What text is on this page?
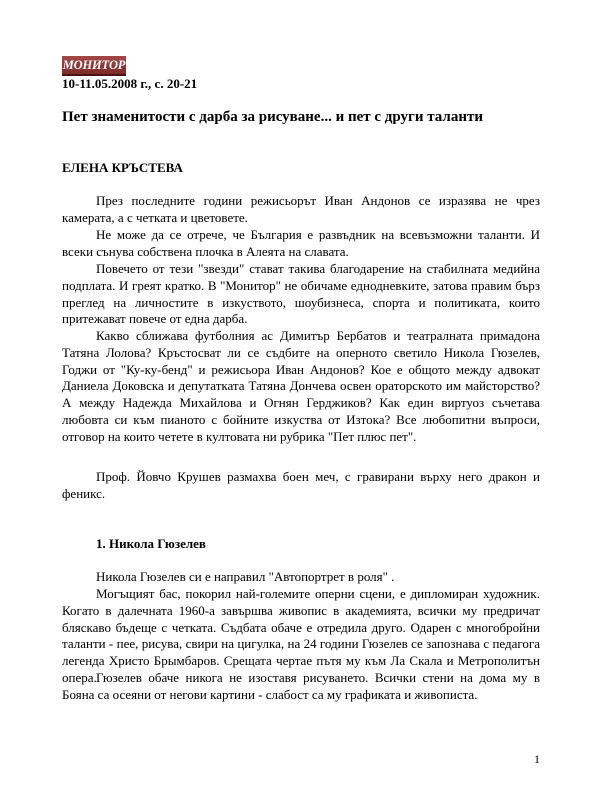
МОНИТОР
10-11.05.2008 г., с. 20-21
Пет знаменитости с дарба за рисуване... и пет с други таланти
ЕЛЕНА КРЪСТЕВА

През последните години режисьорът Иван Андонов се изразява не чрез камерата, а с четката и цветовете.

Не може да се отрече, че България е развъдник на всевъзможни таланти. И всеки сънува собствена плочка в Алеята на славата.

Повечето от тези "звезди" стават такива благодарение на стабилната медийна подплата. И греят кратко. В "Монитор" не обичаме еднодневките, затова правим бърз преглед на личностите в изкуството, шоубизнеса, спорта и политиката, които притежават повече от една дарба.

Какво сближава футболния ас Димитър Бербатов и театралната примадона Татяна Лолова? Кръстосват ли се съдбите на оперното светило Никола Гюзелев, Годжи от "Ку-ку-бенд" и режисьора Иван Андонов? Кое е общото между адвокат Даниела Доковска и депутатката Татяна Дончева освен ораторското им майсторство? А между Надежда Михайлова и Огнян Герджиков? Как един виртуоз съчетава любовта си към пианото с бойните изкуства от Изтока? Все любопитни въпроси, отговор на които четете в култовата ни рубрика "Пет плюс пет".

Проф. Йовчо Крушев размахва боен меч, с гравирани върху него дракон и феникс.

1. Никола Гюзелев

Никола Гюзелев си е направил "Автопортрет в роля" .

Могъщият бас, покорил най-големите оперни сцени, е дипломиран художник. Когато в далечната 1960-а завършва живопис в академията, всички му предричат бляскаво бъдеще с четката. Съдбата обаче е отредила друго. Одарен с многобройни таланти - пее, рисува, свири на цигулка, на 24 години Гюзелев се запознава с педагога легенда Христо Брымбаров. Срещата чертае пътя му към Ла Скала и Метрополитън опера. Гюзелев обаче никога не изоставя рисуването. Всички стени на дома му в Бояна са осеяни от негови картини - слабост са му графиката и живописта.

1
